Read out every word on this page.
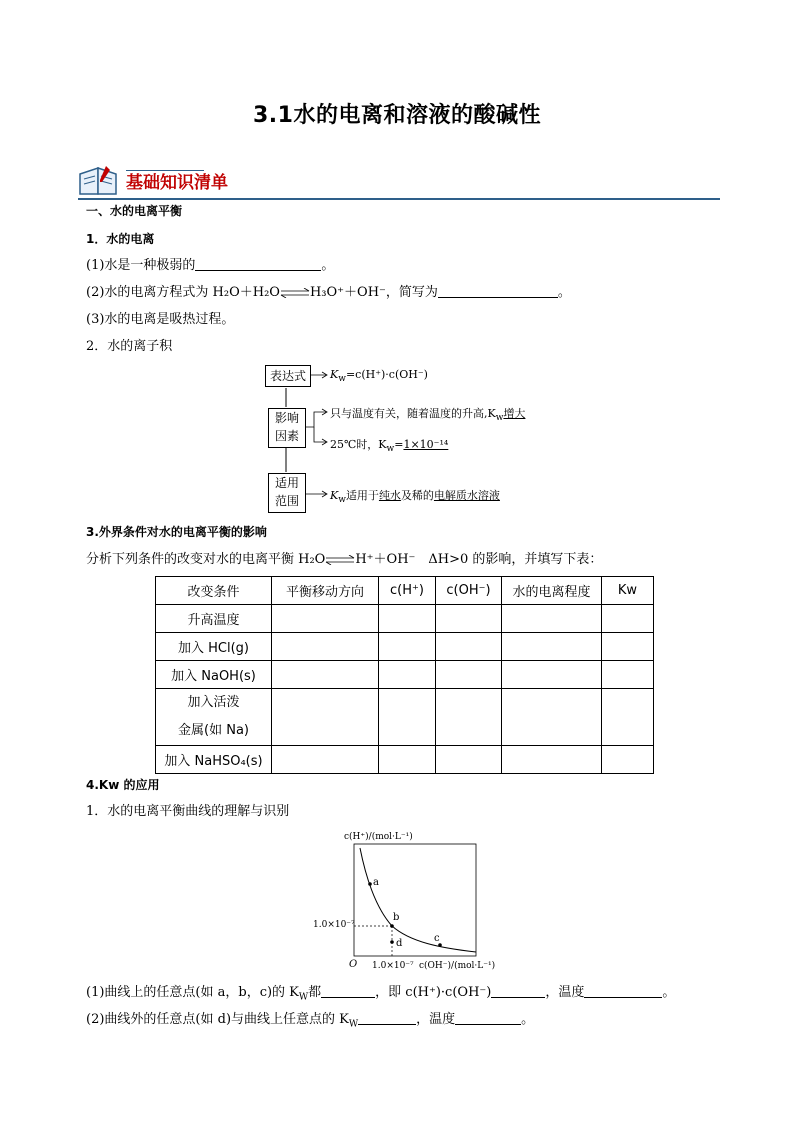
3.1水的电离和溶液的酸碱性
基础知识清单
一、水的电离平衡
1．水的电离
(1)水是一种极弱的	。
(2)水的电离方程式为 H₂O＋H₂O⇌H₃O⁺＋OH⁻，简写为	。
(3)水的电离是吸热过程。
2．水的离子积
表达式
影响
因素
适用
范围
$K_w=c(H^+)\cdot c(OH^-)$
只与温度有关，随着温度的升高$,K_w$增大
25℃时，$K_w=1\times 10^{-14}$
$K_w$适用于纯水及稀的电解质水溶液
3.外界条件对水的电离平衡的影响
分析下列条件的改变对水的电离平衡 H₂O⇌H⁺＋OH⁻　ΔH>0 的影响，并填写下表：
改变条件	平衡移动方向	c(H⁺)	c(OH⁻)	水的电离程度	Kw
升高温度					
加入 HCl(g)					
加入 NaOH(s)					
加入活泼
金属(如 Na)					
加入 NaHSO₄(s)					
4.Kw 的应用
1．水的电离平衡曲线的理解与识别
c(H⁺)/(mol·L⁻¹)
c(OH⁻)/(mol·L⁻¹)
1.0×10⁻⁷
1.0×10⁻⁷
O
a
b
c
d
(1)曲线上的任意点(如 a，b，c)的 $K_W$都	，即 c(H⁺)·c(OH⁻)	，温度	。
(2)曲线外的任意点(如 d)与曲线上任意点的 $K_W$	，温度	。
